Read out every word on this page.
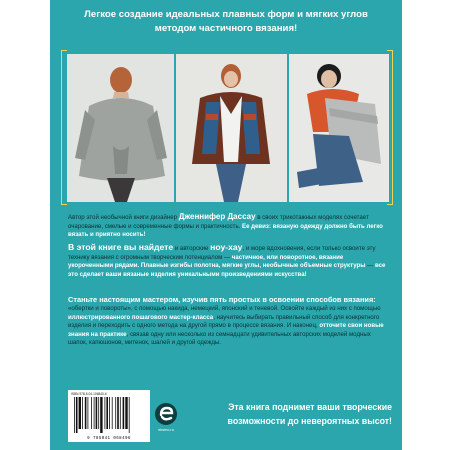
Легкое создание идеальных плавных форм и мягких углов
методом частичного вязания!

Автор этой необычной книги дизайнер Дженнифер Дассау в своих трикотажных моделях сочетает очарование, смелые и современные формы и практичность. Ее девиз: вязаную одежду должно быть легко вязать и приятно носить!

В этой книге вы найдете и авторские ноу-хау, и море вдохновения, если только освоите эту технику вязания с огромным творческим потенциалом — частичное, или поворотное, вязание укороченными рядами. Плавные изгибы полотна, мягкие углы, необычные объемные структуры — все это сделает ваши вязаные изделия уникальными произведениями искусства!

Станьте настоящим мастером, изучив пять простых в освоении способов вязания: «обертки и повороты», с помощью накида, немецкий, японский и теневой. Освойте каждый из них с помощью иллюстрированного пошагового мастер-класса, научитесь выбирать правильный способ для конкретного изделия и переходить с одного метода на другой прямо в процессе вязания. И наконец, отточите свои новые знания на практике, связав одну или несколько из семнадцати удивительных авторских моделей модных шапок, капюшонов, митенок, шалей и другой одежды.

ISBN 978-5-04-106840-6
9 785041 068406
eksmo.ru
Эта книга поднимет ваши творческие
возможности до невероятных высот!
